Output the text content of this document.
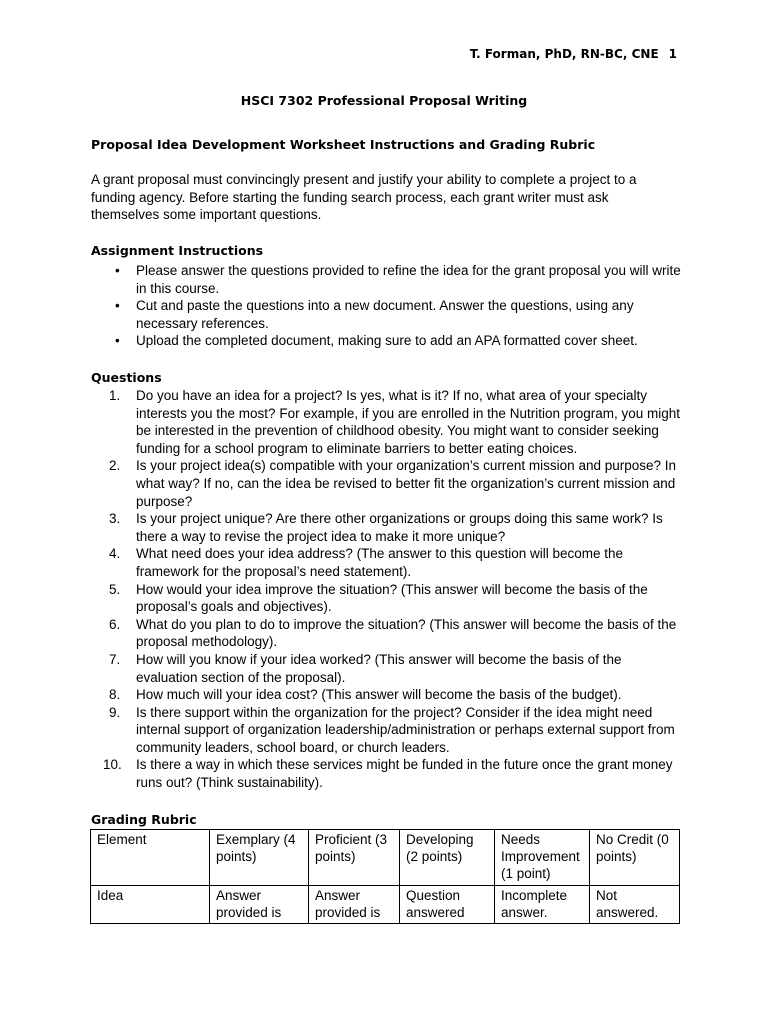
T. Forman, PhD, RN-BC, CNE 1
HSCI 7302 Professional Proposal Writing
Proposal Idea Development Worksheet Instructions and Grading Rubric

A grant proposal must convincingly present and justify your ability to complete a project to a funding agency. Before starting the funding search process, each grant writer must ask themselves some important questions.

Assignment Instructions
• Please answer the questions provided to refine the idea for the grant proposal you will write in this course.
• Cut and paste the questions into a new document. Answer the questions, using any necessary references.
• Upload the completed document, making sure to add an APA formatted cover sheet.
Questions
1.	Do you have an idea for a project? Is yes, what is it? If no, what area of your specialty interests you the most? For example, if you are enrolled in the Nutrition program, you might be interested in the prevention of childhood obesity. You might want to consider seeking funding for a school program to eliminate barriers to better eating choices.
2.	Is your project idea(s) compatible with your organization’s current mission and purpose? In what way? If no, can the idea be revised to better fit the organization’s current mission and purpose?
3.	Is your project unique? Are there other organizations or groups doing this same work? Is there a way to revise the project idea to make it more unique?
4.	What need does your idea address? (The answer to this question will become the framework for the proposal’s need statement).
5.	How would your idea improve the situation? (This answer will become the basis of the proposal’s goals and objectives).
6.	What do you plan to do to improve the situation? (This answer will become the basis of the proposal methodology).
7.	How will you know if your idea worked? (This answer will become the basis of the evaluation section of the proposal).
8.	How much will your idea cost? (This answer will become the basis of the budget).
9.	Is there support within the organization for the project? Consider if the idea might need internal support of organization leadership/administration or perhaps external support from community leaders, school board, or church leaders.
10.	Is there a way in which these services might be funded in the future once the grant money runs out? (Think sustainability).
Grading Rubric
Element	Exemplary (4 points)	Proficient (3 points)	Developing (2 points)	Needs Improvement (1 point)	No Credit (0 points)
Idea	Answer provided is	Answer provided is	Question answered	Incomplete answer.	Not answered.
